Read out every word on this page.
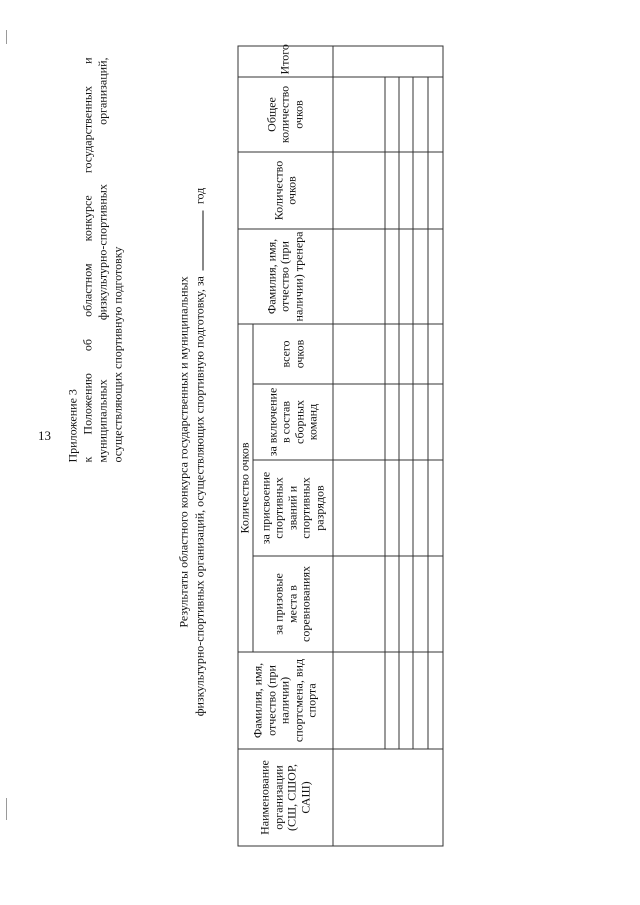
13 Приложение 3 к Положению об областном конкурсе государственных и муниципальных физкультурно-спортивных организаций, осуществляющих спортивную подготовку	Результаты областного конкурса государственных и муниципальных физкультурно-спортивных организаций, осуществляющих спортивную подготовку, загод
Наименование организации (СШ, СШОР, САШ)	Фамилия, имя, отчество (при наличии) спортсмена, вид спорта	Количество очков				Фамилия, имя, отчество (при наличии) тренера	Количество очков	Общее количество очков	Итого
		за призовые места в соревнованиях	за присвоение спортивных званий и спортивных разрядов	за включение в состав сборных команд	всего очков				
